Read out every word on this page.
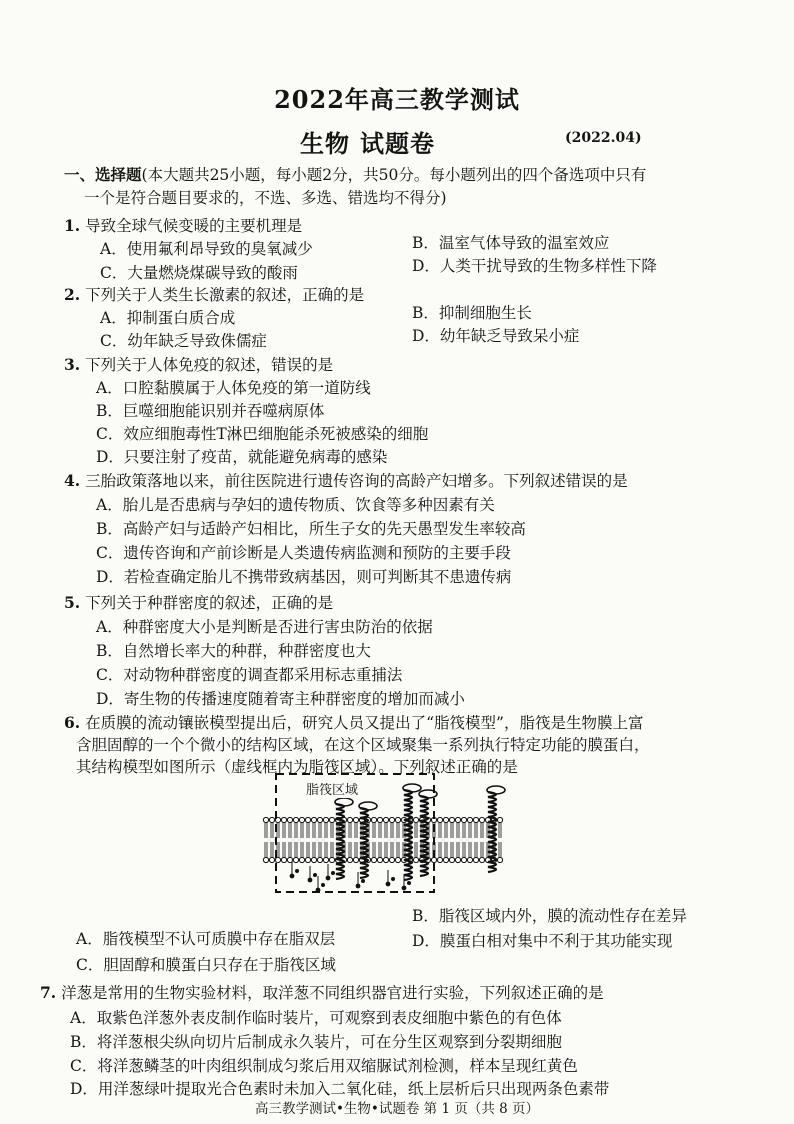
2022年高三教学测试
生物 试题卷	(2022.04)
一、选择题(本大题共25小题，每小题2分，共50分。每小题列出的四个备选项中只有
一个是符合题目要求的，不选、多选、错选均不得分)
1. 导致全球气候变暖的主要机理是
A．使用氟利昂导致的臭氧减少	B．温室气体导致的温室效应
C．大量燃烧煤碳导致的酸雨	D．人类干扰导致的生物多样性下降
2. 下列关于人类生长激素的叙述，正确的是
A．抑制蛋白质合成	B．抑制细胞生长
C．幼年缺乏导致侏儒症	D．幼年缺乏导致呆小症
3. 下列关于人体免疫的叙述，错误的是
A．口腔黏膜属于人体免疫的第一道防线
B．巨噬细胞能识别并吞噬病原体
C．效应细胞毒性T淋巴细胞能杀死被感染的细胞
D．只要注射了疫苗，就能避免病毒的感染
4. 三胎政策落地以来，前往医院进行遗传咨询的高龄产妇增多。下列叙述错误的是
A．胎儿是否患病与孕妇的遗传物质、饮食等多种因素有关
B．高龄产妇与适龄产妇相比，所生子女的先天愚型发生率较高
C．遗传咨询和产前诊断是人类遗传病监测和预防的主要手段
D．若检查确定胎儿不携带致病基因，则可判断其不患遗传病
5. 下列关于种群密度的叙述，正确的是
A．种群密度大小是判断是否进行害虫防治的依据
B．自然增长率大的种群，种群密度也大
C．对动物种群密度的调查都采用标志重捕法
D．寄生物的传播速度随着寄主种群密度的增加而减小
6. 在质膜的流动镶嵌模型提出后，研究人员又提出了“脂筏模型”，脂筏是生物膜上富
含胆固醇的一个个微小的结构区域，在这个区域聚集一系列执行特定功能的膜蛋白，
其结构模型如图所示（虚线框内为脂筏区域）。下列叙述正确的是
脂筏区域
A．脂筏模型不认可质膜中存在脂双层
B．脂筏区域内外，膜的流动性存在差异
C．胆固醇和膜蛋白只存在于脂筏区域
D．膜蛋白相对集中不利于其功能实现
7. 洋葱是常用的生物实验材料，取洋葱不同组织器官进行实验，下列叙述正确的是
A．取紫色洋葱外表皮制作临时装片，可观察到表皮细胞中紫色的有色体
B．将洋葱根尖纵向切片后制成永久装片，可在分生区观察到分裂期细胞
C．将洋葱鳞茎的叶肉组织制成匀浆后用双缩脲试剂检测，样本呈现红黄色
D．用洋葱绿叶提取光合色素时未加入二氧化硅，纸上层析后只出现两条色素带
高三教学测试•生物•试题卷 第 1 页（共 8 页）
